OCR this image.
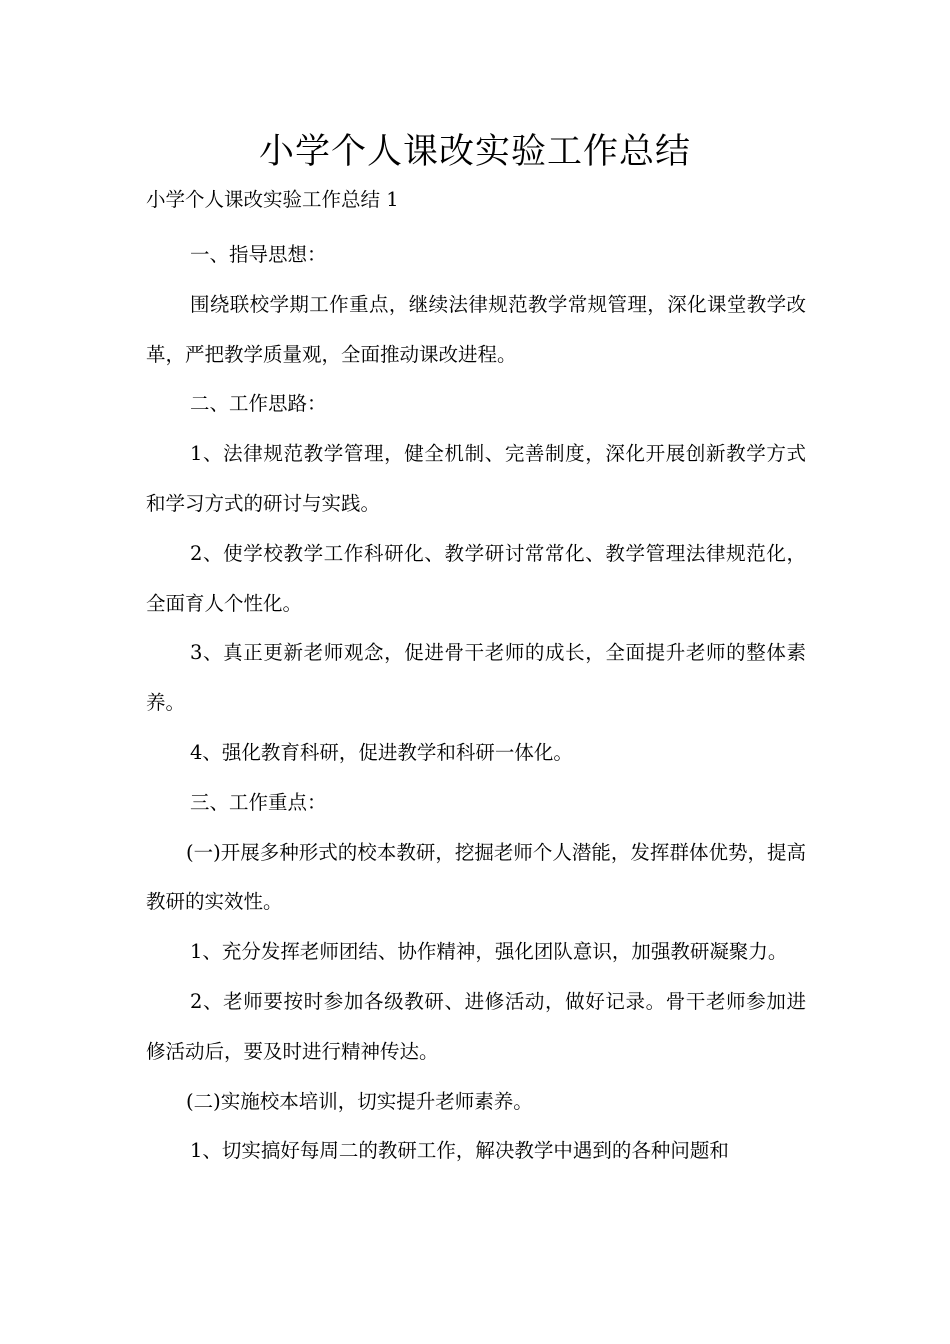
小学个人课改实验工作总结
小学个人课改实验工作总结 1

一、指导思想：

围绕联校学期工作重点，继续法律规范教学常规管理，深化课堂教学改革，严把教学质量观，全面推动课改进程。

二、工作思路：

1、法律规范教学管理，健全机制、完善制度，深化开展创新教学方式和学习方式的研讨与实践。

2、使学校教学工作科研化、教学研讨常常化、教学管理法律规范化，全面育人个性化。

3、真正更新老师观念，促进骨干老师的成长，全面提升老师的整体素养。

4、强化教育科研，促进教学和科研一体化。

三、工作重点：

(一)开展多种形式的校本教研，挖掘老师个人潜能，发挥群体优势，提高教研的实效性。

1、充分发挥老师团结、协作精神，强化团队意识，加强教研凝聚力。

2、老师要按时参加各级教研、进修活动，做好记录。骨干老师参加进修活动后，要及时进行精神传达。

(二)实施校本培训，切实提升老师素养。

1、切实搞好每周二的教研工作，解决教学中遇到的各种问题和
